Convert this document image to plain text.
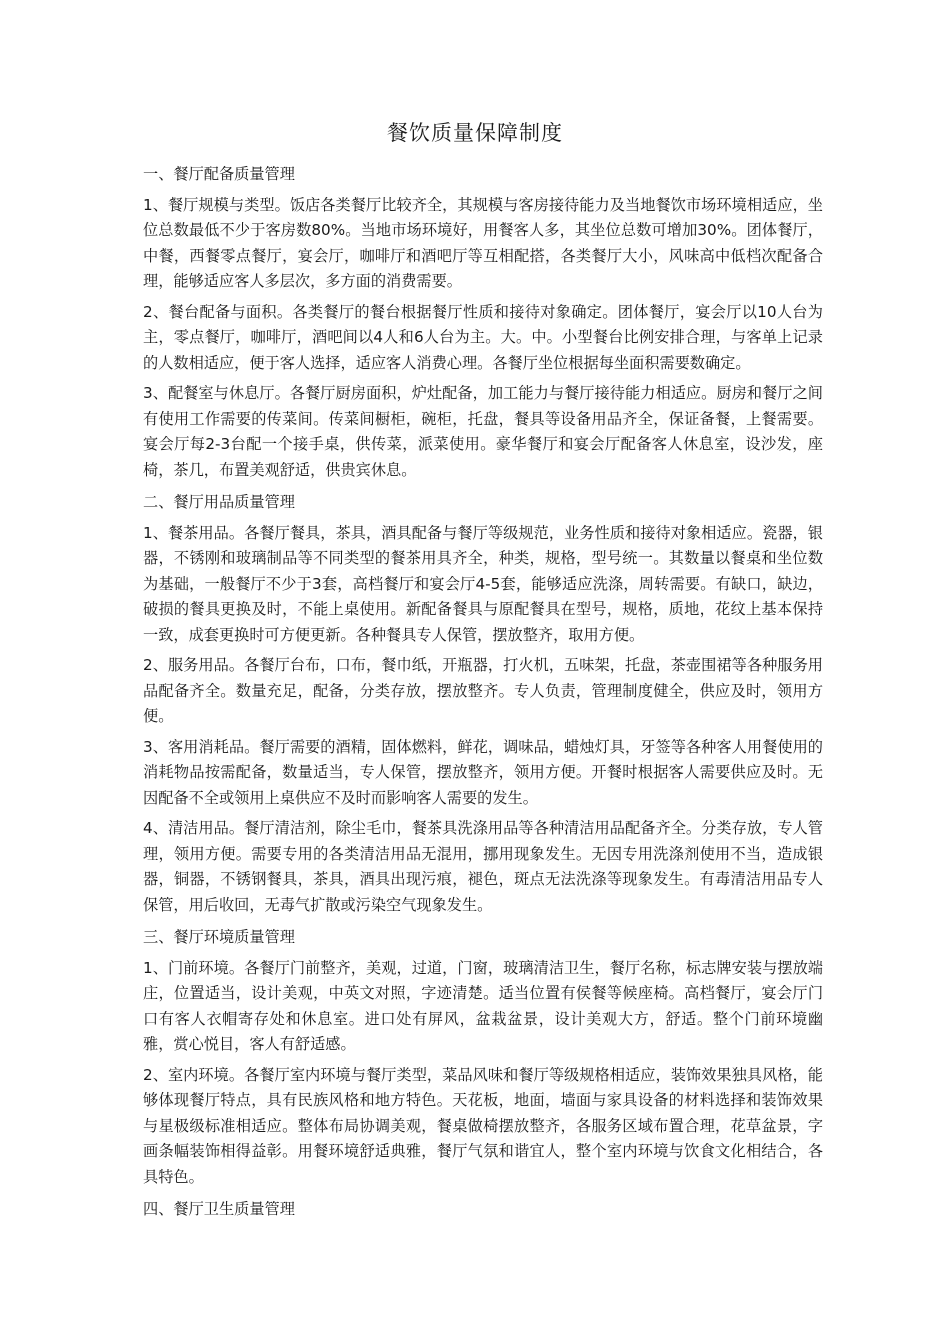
餐饮质量保障制度
一、餐厅配备质量管理

1、餐厅规模与类型。饭店各类餐厅比较齐全，其规模与客房接待能力及当地餐饮市场环境相适应，坐位总数最低不少于客房数80%。当地市场环境好，用餐客人多，其坐位总数可增加30%。团体餐厅，中餐，西餐零点餐厅，宴会厅，咖啡厅和酒吧厅等互相配搭，各类餐厅大小，风味高中低档次配备合理，能够适应客人多层次，多方面的消费需要。

2、餐台配备与面积。各类餐厅的餐台根据餐厅性质和接待对象确定。团体餐厅，宴会厅以10人台为主，零点餐厅，咖啡厅，酒吧间以4人和6人台为主。大。中。小型餐台比例安排合理，与客单上记录的人数相适应，便于客人选择，适应客人消费心理。各餐厅坐位根据每坐面积需要数确定。

3、配餐室与休息厅。各餐厅厨房面积，炉灶配备，加工能力与餐厅接待能力相适应。厨房和餐厅之间有使用工作需要的传菜间。传菜间橱柜，碗柜，托盘，餐具等设备用品齐全，保证备餐，上餐需要。宴会厅每2-3台配一个接手桌，供传菜，派菜使用。豪华餐厅和宴会厅配备客人休息室，设沙发，座椅，茶几，布置美观舒适，供贵宾休息。

二、餐厅用品质量管理

1、餐茶用品。各餐厅餐具，茶具，酒具配备与餐厅等级规范，业务性质和接待对象相适应。瓷器，银器，不锈刚和玻璃制品等不同类型的餐茶用具齐全，种类，规格，型号统一。其数量以餐桌和坐位数为基础，一般餐厅不少于3套，高档餐厅和宴会厅4-5套，能够适应洗涤，周转需要。有缺口，缺边，破损的餐具更换及时，不能上桌使用。新配备餐具与原配餐具在型号，规格，质地，花纹上基本保持一致，成套更换时可方便更新。各种餐具专人保管，摆放整齐，取用方便。

2、服务用品。各餐厅台布，口布，餐巾纸，开瓶器，打火机，五味架，托盘，茶壶围裙等各种服务用品配备齐全。数量充足，配备，分类存放，摆放整齐。专人负责，管理制度健全，供应及时，领用方便。

3、客用消耗品。餐厅需要的酒精，固体燃料，鲜花，调味品，蜡烛灯具，牙签等各种客人用餐使用的消耗物品按需配备，数量适当，专人保管，摆放整齐，领用方便。开餐时根据客人需要供应及时。无因配备不全或领用上桌供应不及时而影响客人需要的发生。

4、清洁用品。餐厅清洁剂，除尘毛巾，餐茶具洗涤用品等各种清洁用品配备齐全。分类存放，专人管理，领用方便。需要专用的各类清洁用品无混用，挪用现象发生。无因专用洗涤剂使用不当，造成银器，铜器，不锈钢餐具，茶具，酒具出现污痕，褪色，斑点无法洗涤等现象发生。有毒清洁用品专人保管，用后收回，无毒气扩散或污染空气现象发生。

三、餐厅环境质量管理

1、门前环境。各餐厅门前整齐，美观，过道，门窗，玻璃清洁卫生，餐厅名称，标志牌安装与摆放端庄，位置适当，设计美观，中英文对照，字迹清楚。适当位置有侯餐等候座椅。高档餐厅，宴会厅门口有客人衣帽寄存处和休息室。进口处有屏风，盆栽盆景，设计美观大方，舒适。整个门前环境幽雅，赏心悦目，客人有舒适感。

2、室内环境。各餐厅室内环境与餐厅类型，菜品风味和餐厅等级规格相适应，装饰效果独具风格，能够体现餐厅特点，具有民族风格和地方特色。天花板，地面，墙面与家具设备的材料选择和装饰效果与星极级标准相适应。整体布局协调美观，餐桌做椅摆放整齐，各服务区域布置合理，花草盆景，字画条幅装饰相得益彰。用餐环境舒适典雅，餐厅气氛和谐宜人，整个室内环境与饮食文化相结合，各具特色。

四、餐厅卫生质量管理
